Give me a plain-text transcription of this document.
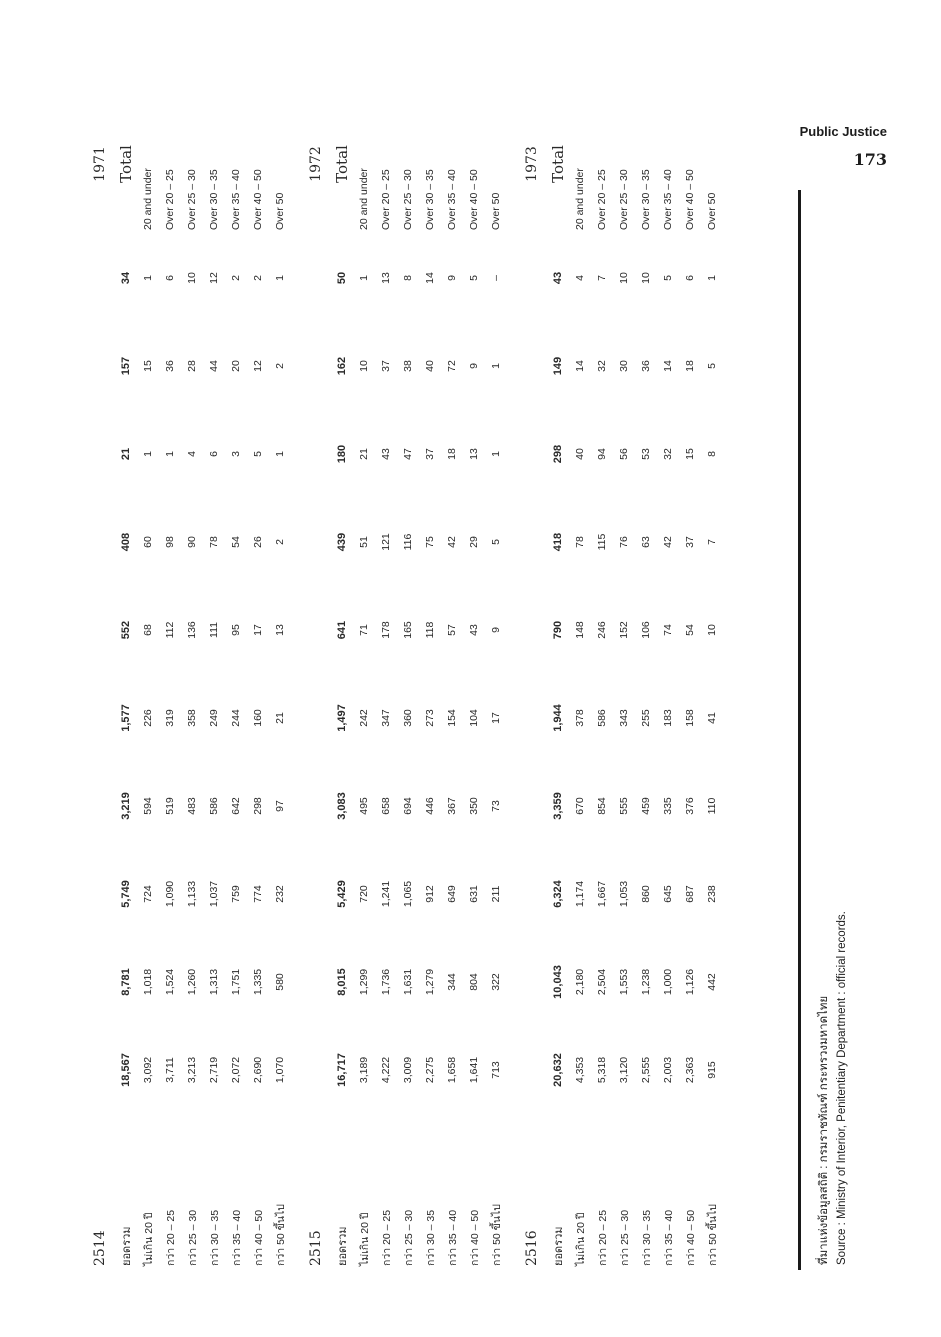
Public Justice
173
2514											1971
ยอดรวม	18,567	8,781	5,749	3,219	1,577	552	408	21	157	34	Total
ไม่เกิน 20 ปี	3,092	1,018	724	594	226	68	60	1	15	1	20 and under
กว่า 20 – 25	3,711	1,524	1,090	519	319	112	98	1	36	6	Over 20 – 25
กว่า 25 – 30	3,213	1,260	1,133	483	358	136	90	4	28	10	Over 25 – 30
กว่า 30 – 35	2,719	1,313	1,037	586	249	111	78	6	44	12	Over 30 – 35
กว่า 35 – 40	2,072	1,751	759	642	244	95	54	3	20	2	Over 35 – 40
กว่า 40 – 50	2,690	1,335	774	298	160	17	26	5	12	2	Over 40 – 50
กว่า 50 ขึ้นไป	1,070	580	232	97	21	13	2	1	2	1	Over 50

2515											1972
ยอดรวม	16,717	8,015	5,429	3,083	1,497	641	439	180	162	50	Total
ไม่เกิน 20 ปี	3,189	1,299	720	495	242	71	51	21	10	1	20 and under
กว่า 20 – 25	4,222	1,736	1,241	658	347	178	121	43	37	13	Over 20 – 25
กว่า 25 – 30	3,009	1,631	1,065	694	360	165	116	47	38	8	Over 25 – 30
กว่า 30 – 35	2,275	1,279	912	446	273	118	75	37	40	14	Over 30 – 35
กว่า 35 – 40	1,658	344	649	367	154	57	42	18	72	9	Over 35 – 40
กว่า 40 – 50	1,641	804	631	350	104	43	29	13	9	5	Over 40 – 50
กว่า 50 ขึ้นไป	713	322	211	73	17	9	5	1	1	–	Over 50

2516											1973
ยอดรวม	20,632	10,043	6,324	3,359	1,944	790	418	298	149	43	Total
ไม่เกิน 20 ปี	4,353	2,180	1,174	670	378	148	78	40	14	4	20 and under
กว่า 20 – 25	5,318	2,504	1,667	854	586	246	115	94	32	7	Over 20 – 25
กว่า 25 – 30	3,120	1,553	1,053	555	343	152	76	56	30	10	Over 25 – 30
กว่า 30 – 35	2,555	1,238	860	459	255	106	63	53	36	10	Over 30 – 35
กว่า 35 – 40	2,003	1,000	645	335	183	74	42	32	14	5	Over 35 – 40
กว่า 40 – 50	2,363	1,126	687	376	158	54	37	15	18	6	Over 40 – 50
กว่า 50 ขึ้นไป	915	442	238	110	41	10	7	8	5	1	Over 50
ที่มาแห่งข้อมูลสถิติ : กรมราชทัณฑ์ กระทรวงมหาดไทย Source : Ministry of Interior, Penitentiary Department : official records.
